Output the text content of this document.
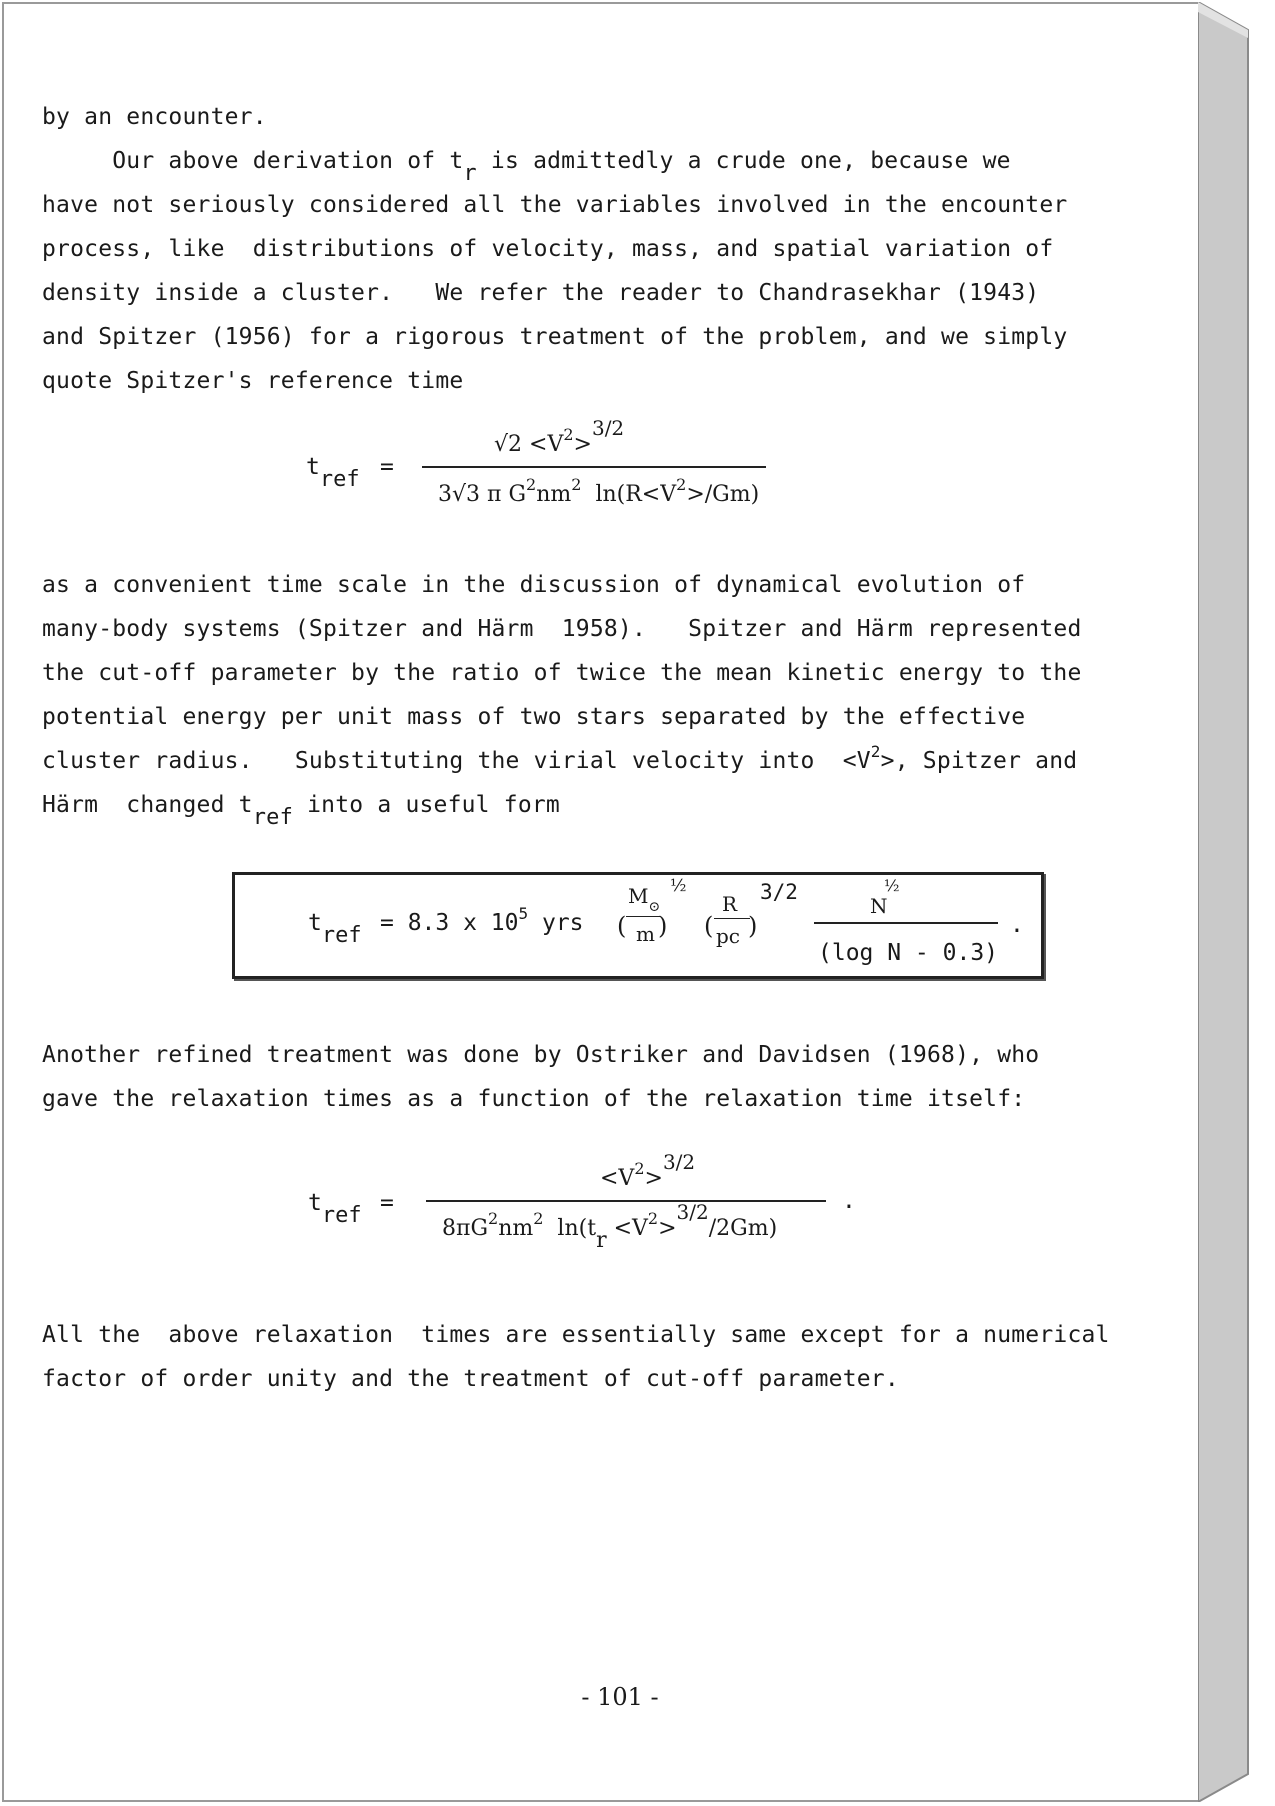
by an encounter.
Our above derivation of tr is admittedly a crude one, because we
have not seriously considered all the variables involved in the encounter
process, like  distributions of velocity, mass, and spatial variation of
density inside a cluster.   We refer the reader to Chandrasekhar (1943)
and Spitzer (1956) for a rigorous treatment of the problem, and we simply
quote Spitzer's reference time
tref =
$√2 <V^2>3/2$
3√3 π $G^2nm^2$  $\ln(R<V^2>/Gm)$
as a convenient time scale in the discussion of dynamical evolution of
many-body systems (Spitzer and Härm  1958).   Spitzer and Härm represented
the cut-off parameter by the ratio of twice the mean kinetic energy to the
potential energy per unit mass of two stars separated by the effective
cluster radius.   Substituting the virial velocity into  $<V^2>$, Spitzer and
Härm  changed tref into a useful form
tref = 8.3 x $10^5$ yrs (
$M_⊙$
m )
½
(
R
pc )
3/2
N
½
(log N - 0.3)
.
Another refined treatment was done by Ostriker and Davidsen (1968), who
gave the relaxation times as a function of the relaxation time itself:
tref =
$<V^2>3/2$
$8\pi G^2nm^2$  $\ln(tr <V^2>3/2/2Gm)$
.
All the  above relaxation  times are essentially same except for a numerical
factor of order unity and the treatment of cut-off parameter.
- 101 -
